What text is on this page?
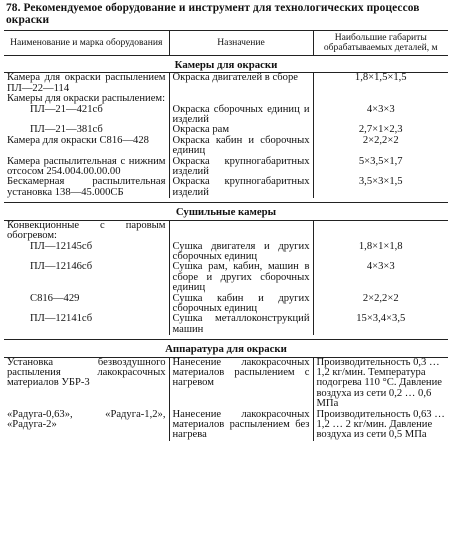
78. Рекомендуемое оборудование и инструмент для технологических процессов
окраски
Наименование и марка оборудования	Назначение	Наибольшие габариты обрабатываемых деталей, м
Камеры для окраски		
Камера для окраски распылением ПЛ—22—114	Окраска двигателей в сборе	1,8×1,5×1,5
Камеры для окраски распылением:		
ПЛ—21—421сб	Окраска сборочных единиц и изделий	4×3×3
ПЛ—21—381сб	Окраска рам	2,7×1×2,3
Камера для окраски С816—428	Окраска кабин и сборочных единиц	2×2,2×2
Камера распылительная с нижним отсосом 254.004.00.00.00	Окраска крупногабаритных изделий	5×3,5×1,7
Бескамерная распылительная установка 138—45.000СБ	Окраска крупногабаритных изделий	3,5×3×1,5

Сушильные камеры		
Конвекционные с паровым обогревом:		
ПЛ—12145сб	Сушка двигателя и других сборочных единиц	1,8×1×1,8
ПЛ—12146сб	Сушка рам, кабин, машин в сборе и других сборочных единиц	4×3×3
С816—429	Сушка кабин и других сборочных единиц	2×2,2×2
ПЛ—12141сб	Сушка металлоконструкций машин	15×3,4×3,5

Аппаратура для окраски		
Установка безвоздушного распыления лакокрасочных материалов УБР-3	Нанесение лакокрасочных материалов распылением с нагревом	Производительность 0,3 … 1,2 кг/мин. Температура подогрева 110 °С. Давление воздуха из сети 0,2 … 0,6 МПа
«Радуга-0,63», «Радуга-1,2», «Радуга-2»	Нанесение лакокрасочных материалов распылением без нагрева	Производительность 0,63 … 1,2 … 2 кг/мин. Давление воздуха из сети 0,5 МПа
